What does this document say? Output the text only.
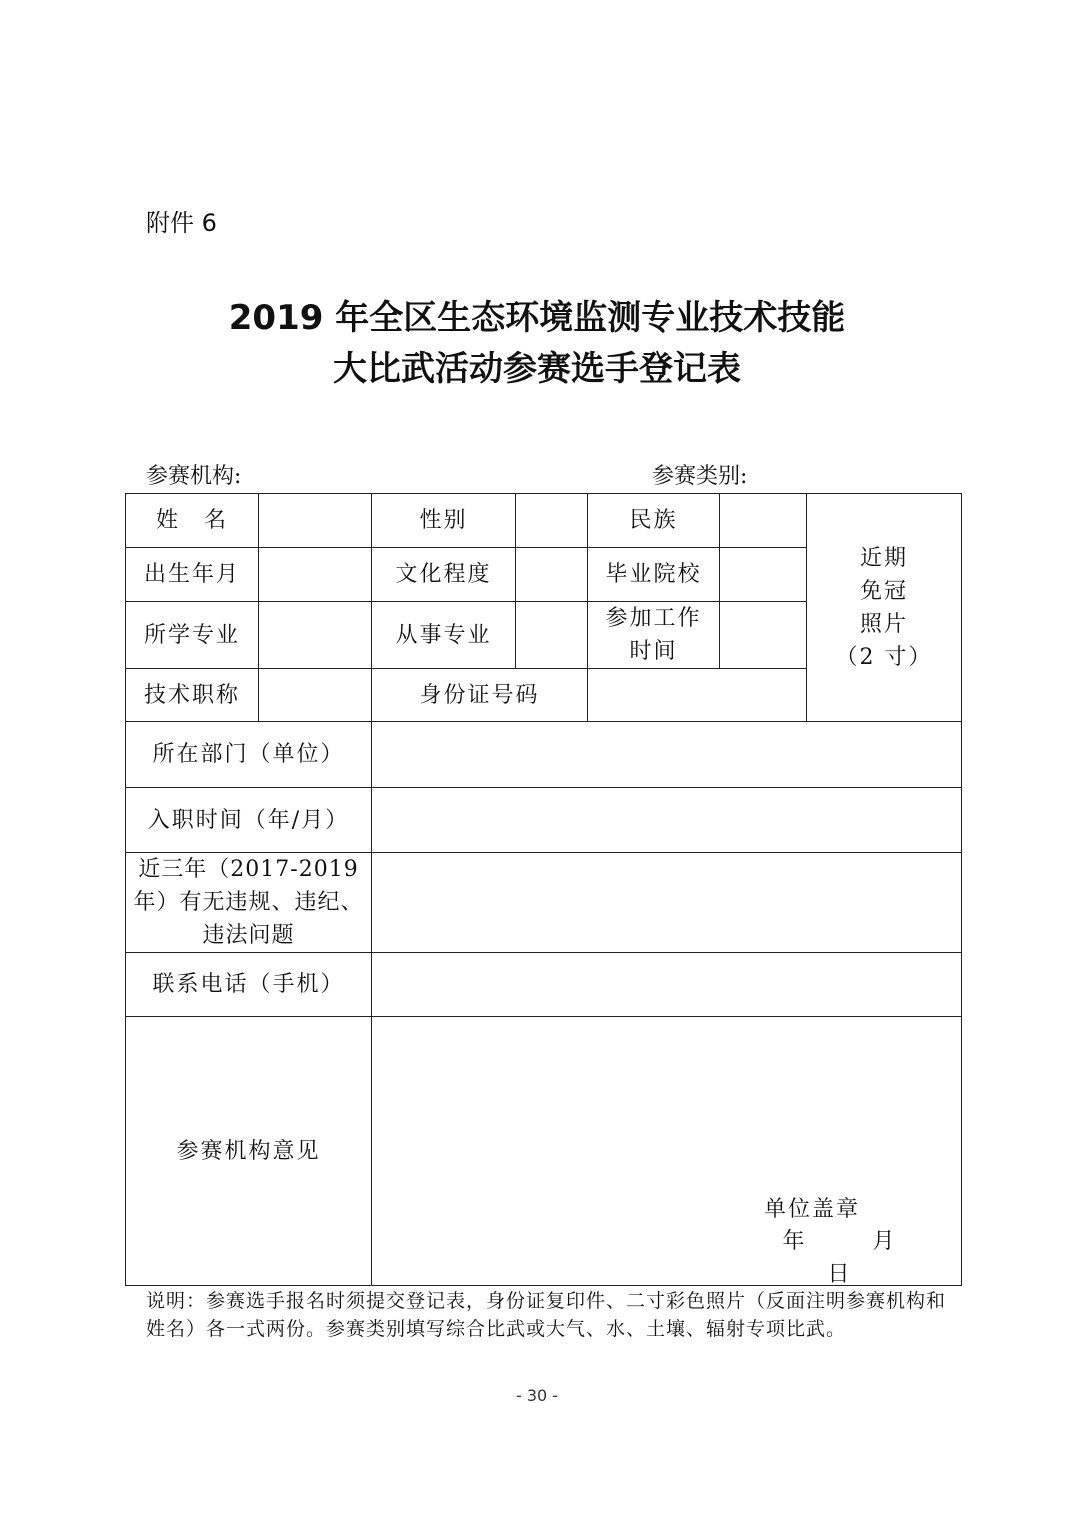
附件 6
2019 年全区生态环境监测专业技术技能
大比武活动参赛选手登记表
参赛机构:	参赛类别:
姓　名		性别		民族		近期
免冠
照片
（2 寸）

出生年月		文化程度		毕业院校		
所学专业		从事专业		参加工作
时间		

技术职称		身份证号码				
所在部门（单位）						
入职时间（年/月）						

近三年（2017-2019
年）有无违规、违纪、
违法问题						

联系电话（手机）						
参赛机构意见		单位盖章
年 月日				
说明：参赛选手报名时须提交登记表，身份证复印件、二寸彩色照片（反面注明参赛机构和姓名）各一式两份。参赛类别填写综合比武或大气、水、土壤、辐射专项比武。
- 30 -
